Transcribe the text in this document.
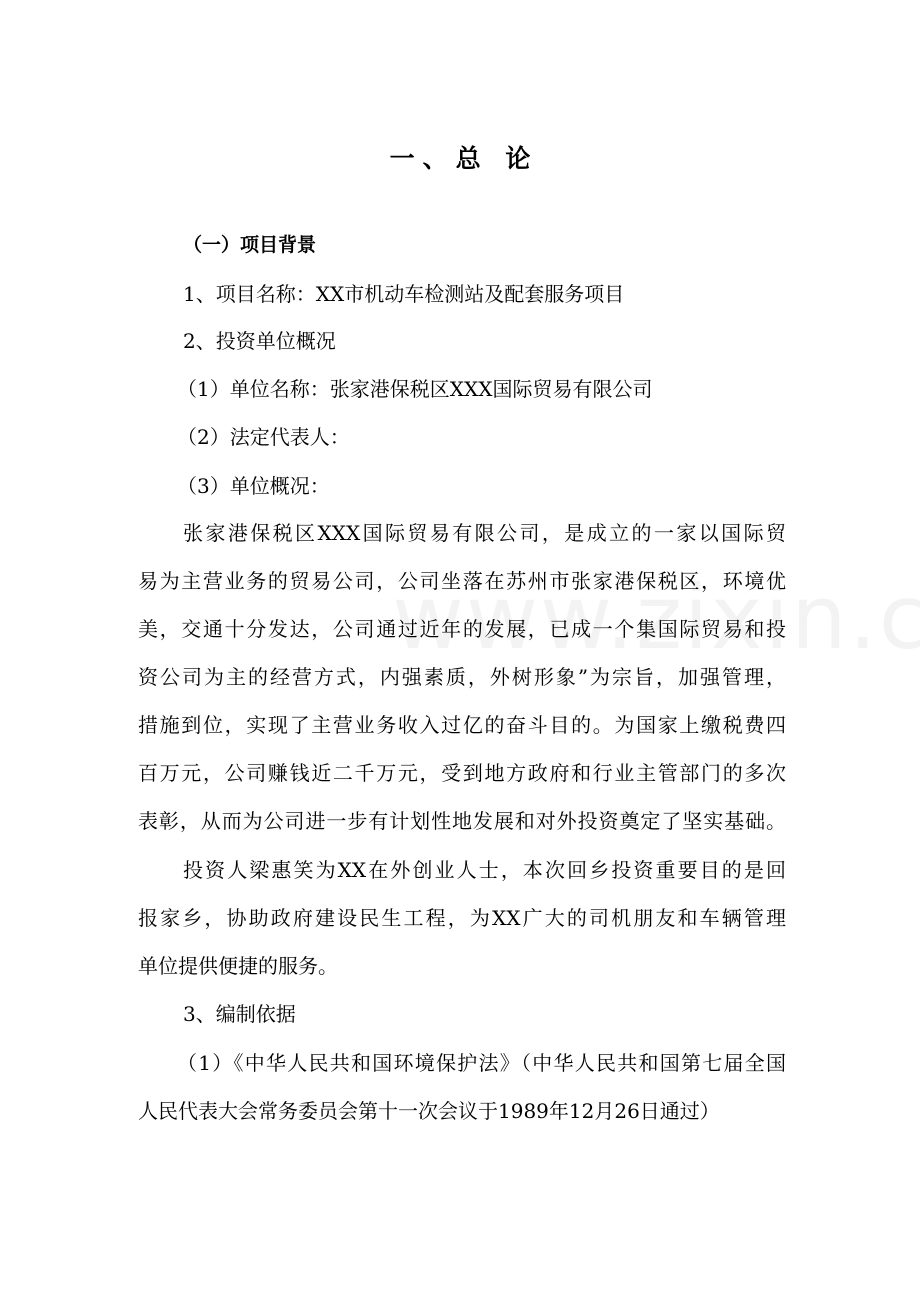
一、总 论
（一）项目背景
1、项目名称：XX市机动车检测站及配套服务项目
2、投资单位概况
（1）单位名称：张家港保税区XXX国际贸易有限公司
（2）法定代表人：
（3）单位概况：
张家港保税区XXX国际贸易有限公司，是成立的一家以国际贸
易为主营业务的贸易公司，公司坐落在苏州市张家港保税区，环境优
美，交通十分发达，公司通过近年的发展，已成一个集国际贸易和投
资公司为主的经营方式，内强素质，外树形象”为宗旨，加强管理，
措施到位，实现了主营业务收入过亿的奋斗目的。为国家上缴税费四
百万元，公司赚钱近二千万元，受到地方政府和行业主管部门的多次
表彰，从而为公司进一步有计划性地发展和对外投资奠定了坚实基础。
投资人梁惠笑为XX在外创业人士，本次回乡投资重要目的是回
报家乡，协助政府建设民生工程，为XX广大的司机朋友和车辆管理
单位提供便捷的服务。
3、编制依据
（1）《中华人民共和国环境保护法》（中华人民共和国第七届全国
人民代表大会常务委员会第十一次会议于1989年12月26日通过）
